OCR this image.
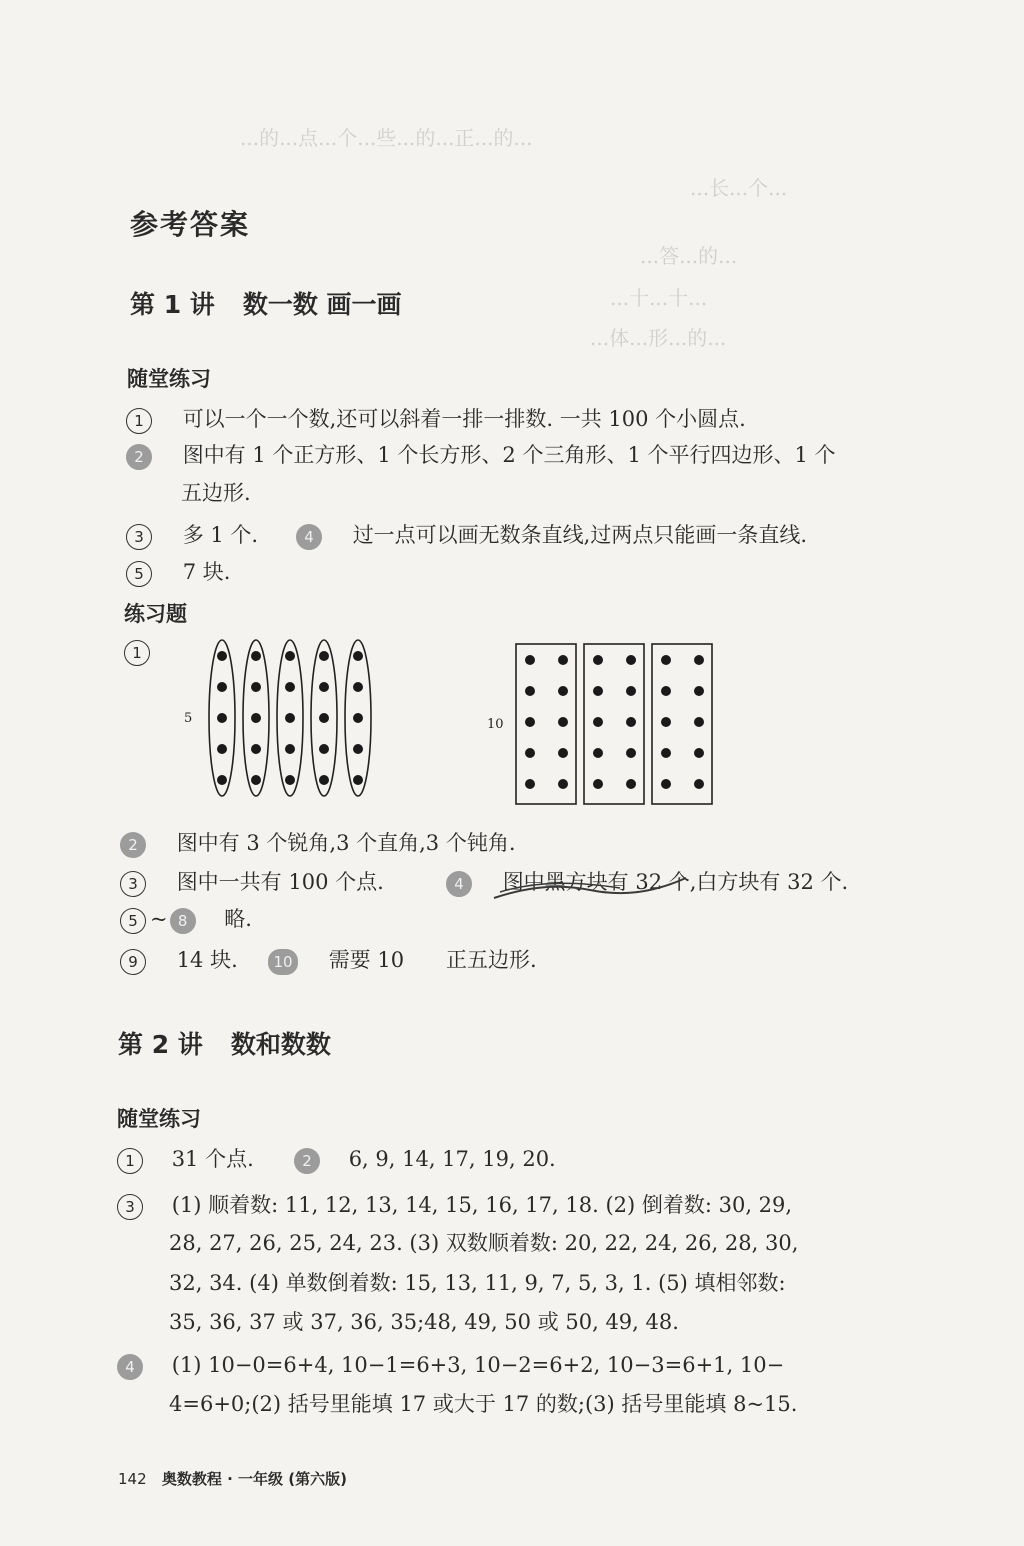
...的...点...个...些...的...正...的...
...长...个...
...答...的...
...十...十...
...体...形...的...
参考答案
第 1 讲 数一数 画一画
随堂练习
1 可以一个一个数,还可以斜着一排一排数. 一共 100 个小圆点.
2 图中有 1 个正方形、1 个长方形、2 个三角形、1 个平行四边形、1 个
五边形.
3 多 1 个.	4 过一点可以画无数条直线,过两点只能画一条直线.
5 7 块.
练习题
1
5	10
2 图中有 3 个锐角,3 个直角,3 个钝角.
3 图中一共有 100 个点.	4 图中黑方块有 32 个,白方块有 32 个.
5 ~ 8 略.
9 14 块.	10 需要 10 正五边形.
第 2 讲 数和数数
随堂练习
1 31 个点.	2 6, 9, 14, 17, 19, 20.
3 (1) 顺着数: 11, 12, 13, 14, 15, 16, 17, 18. (2) 倒着数: 30, 29,
28, 27, 26, 25, 24, 23. (3) 双数顺着数: 20, 22, 24, 26, 28, 30,
32, 34. (4) 单数倒着数: 15, 13, 11, 9, 7, 5, 3, 1. (5) 填相邻数:
35, 36, 37 或 37, 36, 35;48, 49, 50 或 50, 49, 48.
4 (1) 10−0=6+4, 10−1=6+3, 10−2=6+2, 10−3=6+1, 10−
4=6+0;(2) 括号里能填 17 或大于 17 的数;(3) 括号里能填 8~15.
142 奥数教程 · 一年级 (第六版)
